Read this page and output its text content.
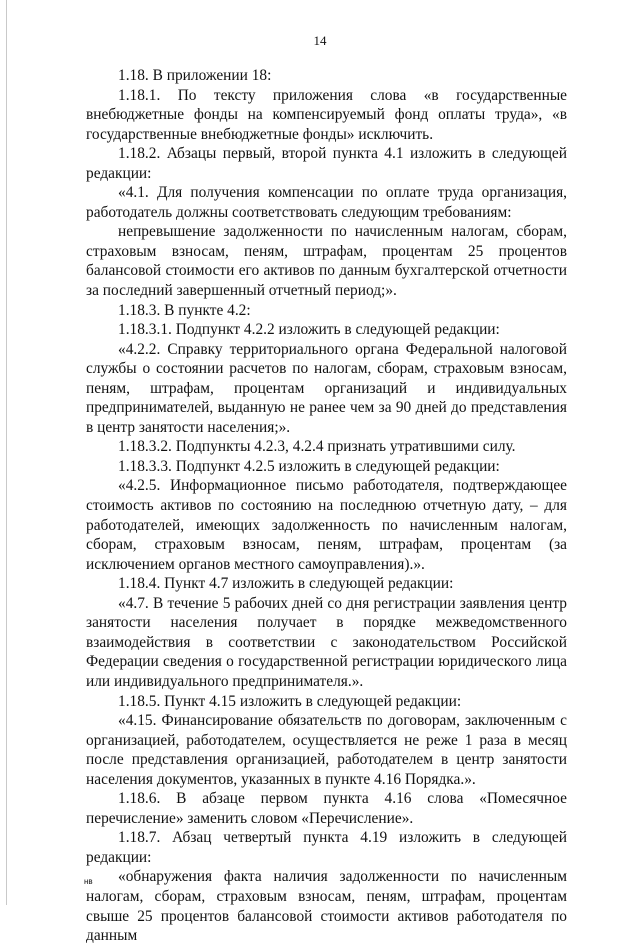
14

1.18. В приложении 18:

1.18.1. По тексту приложения слова «в государственные внебюджетные фонды на компенсируемый фонд оплаты труда», «в государственные внебюджетные фонды» исключить.

1.18.2. Абзацы первый, второй пункта 4.1 изложить в следующей редакции:

«4.1. Для получения компенсации по оплате труда организация, работодатель должны соответствовать следующим требованиям:

непревышение задолженности по начисленным налогам, сборам, страховым взносам, пеням, штрафам, процентам 25 процентов балансовой стоимости его активов по данным бухгалтерской отчетности за последний завершенный отчетный период;».

1.18.3. В пункте 4.2:

1.18.3.1. Подпункт 4.2.2 изложить в следующей редакции:

«4.2.2. Справку территориального органа Федеральной налоговой службы о состоянии расчетов по налогам, сборам, страховым взносам, пеням, штрафам, процентам организаций и индивидуальных предпринимателей, выданную не ранее чем за 90 дней до представления в центр занятости населения;».

1.18.3.2. Подпункты 4.2.3, 4.2.4 признать утратившими силу.

1.18.3.3. Подпункт 4.2.5 изложить в следующей редакции:

«4.2.5. Информационное письмо работодателя, подтверждающее стоимость активов по состоянию на последнюю отчетную дату, – для работодателей, имеющих задолженность по начисленным налогам, сборам, страховым взносам, пеням, штрафам, процентам (за исключением органов местного самоуправления).».

1.18.4. Пункт 4.7 изложить в следующей редакции:

«4.7. В течение 5 рабочих дней со дня регистрации заявления центр занятости населения получает в порядке межведомственного взаимодействия в соответствии с законодательством Российской Федерации сведения о государственной регистрации юридического лица или индивидуального предпринимателя.».

1.18.5. Пункт 4.15 изложить в следующей редакции:

«4.15. Финансирование обязательств по договорам, заключенным с организацией, работодателем, осуществляется не реже 1 раза в месяц после представления организацией, работодателем в центр занятости населения документов, указанных в пункте 4.16 Порядка.».

1.18.6. В абзаце первом пункта 4.16 слова «Помесячное перечисление» заменить словом «Перечисление».

1.18.7. Абзац четвертый пункта 4.19 изложить в следующей редакции:

«обнаружения факта наличия задолженности по начисленным налогам, сборам, страховым взносам, пеням, штрафам, процентам свыше 25 процентов балансовой стоимости активов работодателя по данным

нв
